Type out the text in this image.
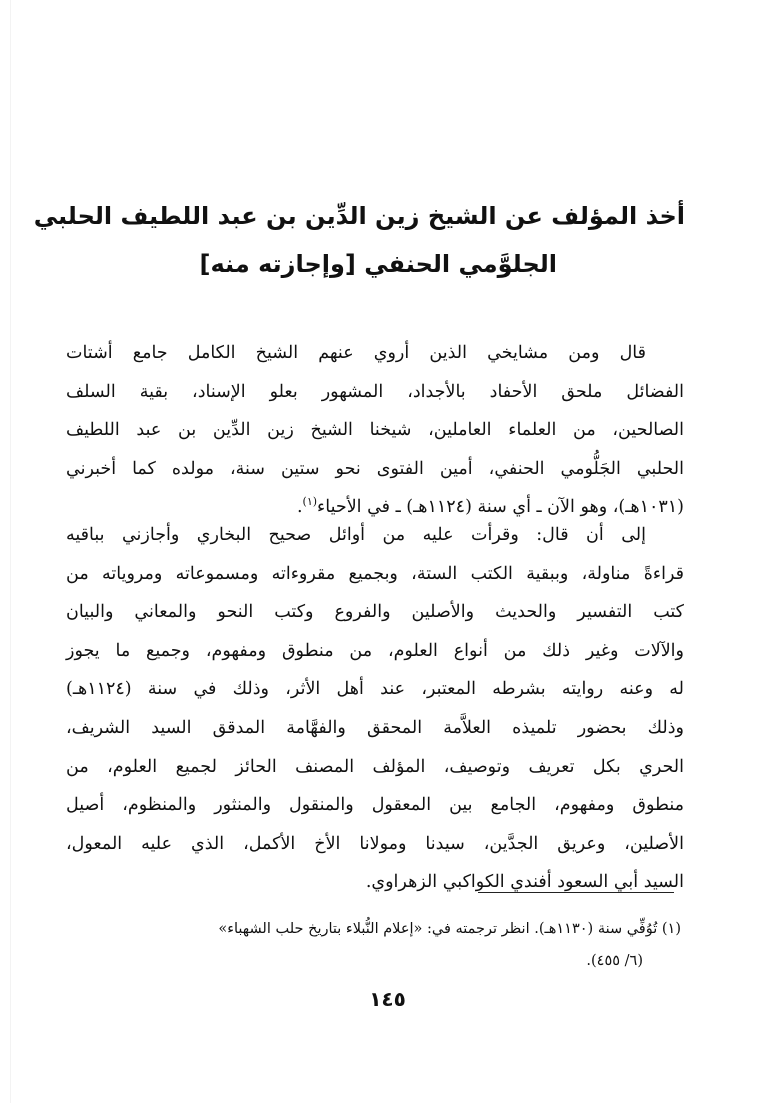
أخذ المؤلف عن الشيخ زين الدِّين بن عبد اللطيف الحلبي
الجلوَّمي الحنفي [وإجازته منه]

قال ومن مشايخي الذين أروي عنهم الشيخ الكامل جامع أشتات
الفضائل ملحق الأحفاد بالأجداد، المشهور بعلو الإسناد، بقية السلف
الصالحين، من العلماء العاملين، شيخنا الشيخ زين الدِّين بن عبد اللطيف
الحلبي الجَلُّومي الحنفي، أمين الفتوى نحو ستين سنة، مولده كما أخبرني
(١٠٣١هـ)، وهو الآن ـ أي سنة (١١٢٤هـ) ـ في الأحياء$^{(١)}$.

إلى أن قال: وقرأت عليه من أوائل صحيح البخاري وأجازني بباقيه
قراءةً مناولة، وببقية الكتب الستة، وبجميع مقروءاته ومسموعاته ومروياته من
كتب التفسير والحديث والأصلين والفروع وكتب النحو والمعاني والبيان
والآلات وغير ذلك من أنواع العلوم، من منطوق ومفهوم، وجميع ما يجوز
له وعنه روايته بشرطه المعتبر، عند أهل الأثر، وذلك في سنة (١١٢٤هـ)
وذلك بحضور تلميذه العلاَّمة المحقق والفهَّامة المدقق السيد الشريف،
الحري بكل تعريف وتوصيف، المؤلف المصنف الحائز لجميع العلوم، من
منطوق ومفهوم، الجامع بين المعقول والمنقول والمنثور والمنظوم، أصيل
الأصلين، وعريق الجدَّين، سيدنا ومولانا الأخ الأكمل، الذي عليه المعول،
السيد أبي السعود أفندي الكواكبي الزهراوي.

(١) تُوُفِّي سنة (١١٣٠هـ). انظر ترجمته في: «إعلام النُّبلاء بتاريخ حلب الشهباء»
(٦/ ٤٥٥).
١٤٥
